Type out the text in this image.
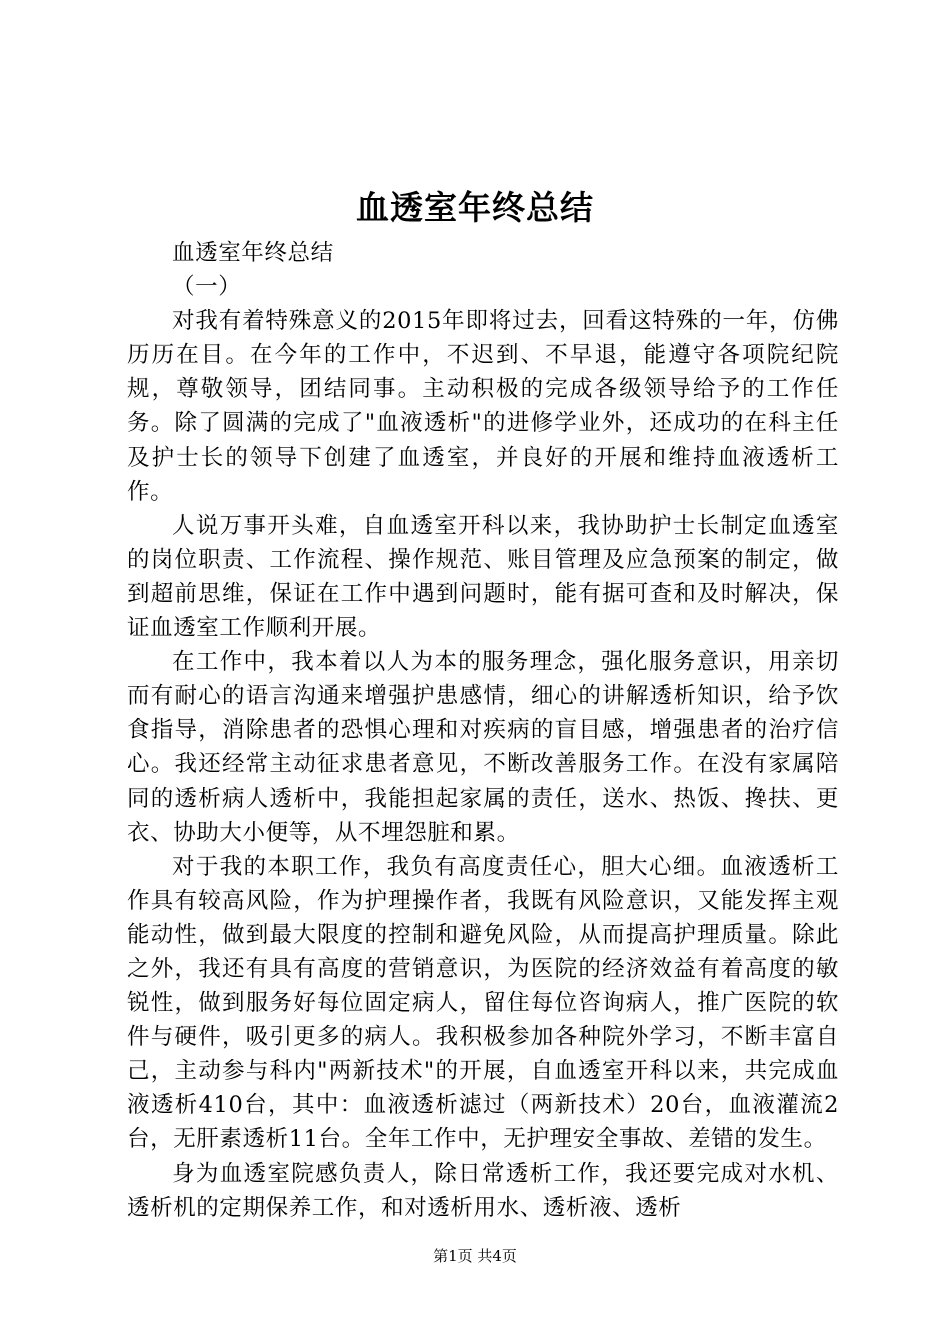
血透室年终总结

血透室年终总结

（一）

对我有着特殊意义的2015年即将过去，回看这特殊的一年，仿佛历历在目。在今年的工作中，不迟到、不早退，能遵守各项院纪院规，尊敬领导，团结同事。主动积极的完成各级领导给予的工作任务。除了圆满的完成了"血液透析"的进修学业外，还成功的在科主任及护士长的领导下创建了血透室，并良好的开展和维持血液透析工作。

人说万事开头难，自血透室开科以来，我协助护士长制定血透室的岗位职责、工作流程、操作规范、账目管理及应急预案的制定，做到超前思维，保证在工作中遇到问题时，能有据可查和及时解决，保证血透室工作顺利开展。

在工作中，我本着以人为本的服务理念，强化服务意识，用亲切而有耐心的语言沟通来增强护患感情，细心的讲解透析知识，给予饮食指导，消除患者的恐惧心理和对疾病的盲目感，增强患者的治疗信心。我还经常主动征求患者意见，不断改善服务工作。在没有家属陪同的透析病人透析中，我能担起家属的责任，送水、热饭、搀扶、更衣、协助大小便等，从不埋怨脏和累。

对于我的本职工作，我负有高度责任心，胆大心细。血液透析工作具有较高风险，作为护理操作者，我既有风险意识，又能发挥主观能动性，做到最大限度的控制和避免风险，从而提高护理质量。除此之外，我还有具有高度的营销意识，为医院的经济效益有着高度的敏锐性，做到服务好每位固定病人，留住每位咨询病人，推广医院的软件与硬件，吸引更多的病人。我积极参加各种院外学习，不断丰富自己，主动参与科内"两新技术"的开展，自血透室开科以来，共完成血液透析410台，其中：血液透析滤过（两新技术）20台，血液灌流2台，无肝素透析11台。全年工作中，无护理安全事故、差错的发生。

身为血透室院感负责人，除日常透析工作，我还要完成对水机、透析机的定期保养工作，和对透析用水、透析液、透析

第1页 共4页
